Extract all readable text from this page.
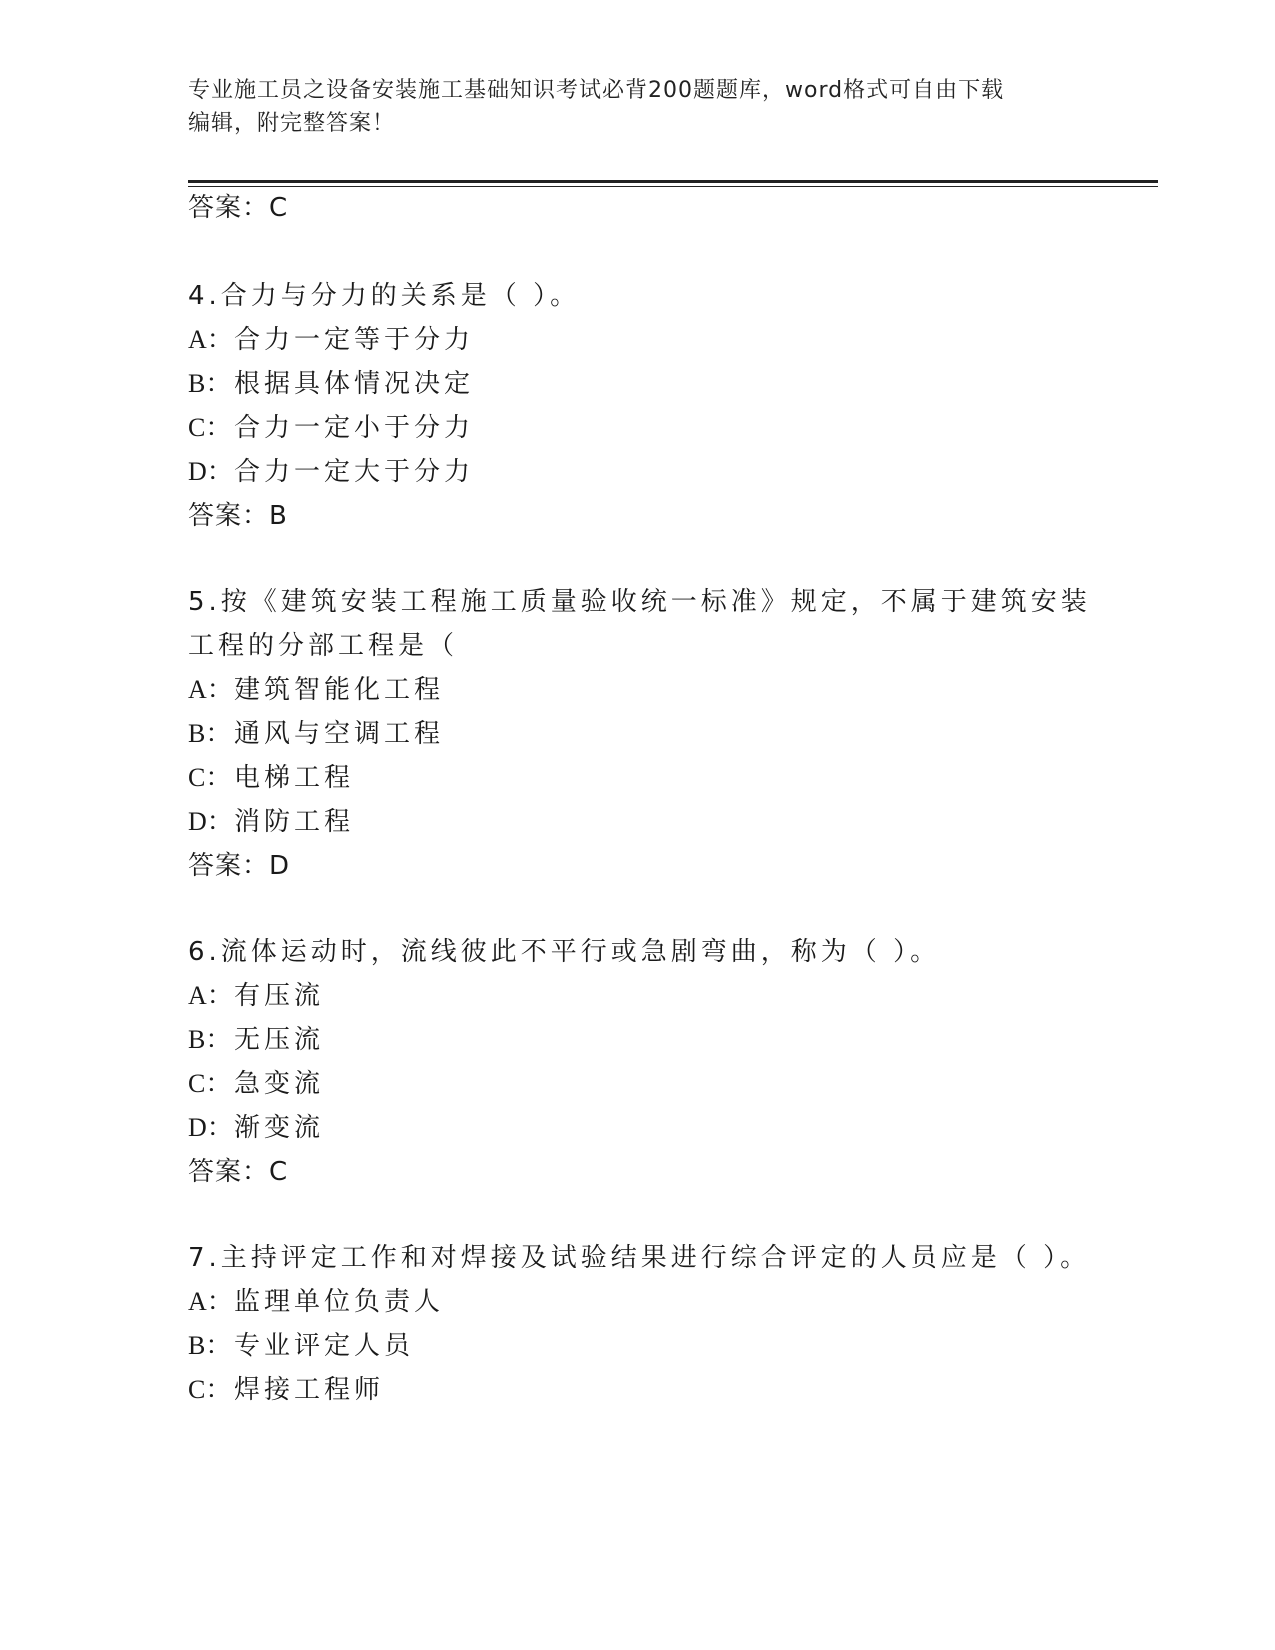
专业施工员之设备安装施工基础知识考试必背200题题库，word格式可自由下载
编辑，附完整答案！
答案：C
4.合力与分力的关系是（ ）。
A：合力一定等于分力
B： 根据具体情况决定
C： 合力一定小于分力
D：合力一定大于分力
答案：B
5.按《建筑安装工程施工质量验收统一标准》规定，不属于建筑安装
工程的分部工程是（
A：建筑智能化工程
B： 通风与空调工程
C： 电梯工程
D：消防工程
答案：D
6.流体运动时，流线彼此不平行或急剧弯曲，称为（ ）。
A：有压流
B： 无压流
C： 急变流
D：渐变流
答案：C
7.主持评定工作和对焊接及试验结果进行综合评定的人员应是（ ）。
A：监理单位负责人
B： 专业评定人员
C： 焊接工程师
